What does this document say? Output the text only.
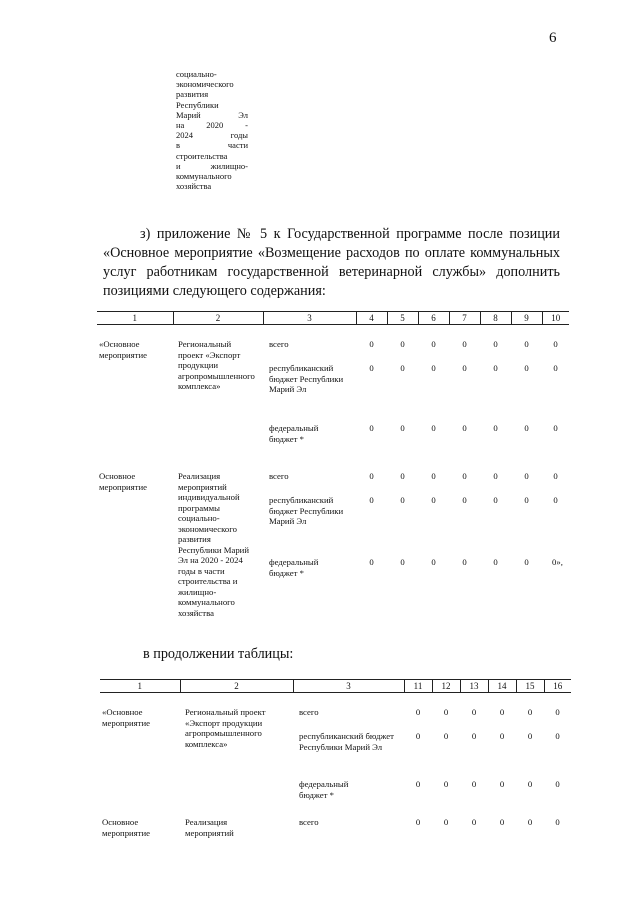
6
социально-
экономического
развития
Республики
Марий Эл
на 2020 -
2024 годы
в части
строительства
и жилищно-
коммунального
хозяйства
з) приложение № 5 к Государственной программе после позиции «Основное мероприятие «Возмещение расходов по оплате коммунальных услуг работникам государственной ветеринарной службы» дополнить позициями следующего содержания:
1	2	3	4	5	6	7	8	9	10

«Основное мероприятие	Региональный проект «Экспорт продукции агропромышленного комплекса»	всего	0	0	0	0	0	0	0

		республиканский бюджет Республики Марий Эл	0	0	0	0	0	0	0

		федеральный бюджет *	0	0	0	0	0	0	0

Основное мероприятие	Реализация мероприятий индивидуальной программы социально-экономического развития Республики Марий Эл на 2020 - 2024 годы в части строительства и жилищно-коммунального хозяйства	всего	0	0	0	0	0	0	0

		республиканский бюджет Республики Марий Эл	0	0	0	0	0	0	0

		федеральный бюджет *	0	0	0	0	0	0	0»,
в продолжении таблицы:
1	2	3	11	12	13	14	15	16

«Основное мероприятие	Региональный проект «Экспорт продукции агропромышленного комплекса»	всего	0	0	0	0	0	0

		республиканский бюджет Республики Марий Эл	0	0	0	0	0	0

		федеральный бюджет *	0	0	0	0	0	0

Основное мероприятие	Реализация мероприятий	всего	0	0	0	0	0	0
